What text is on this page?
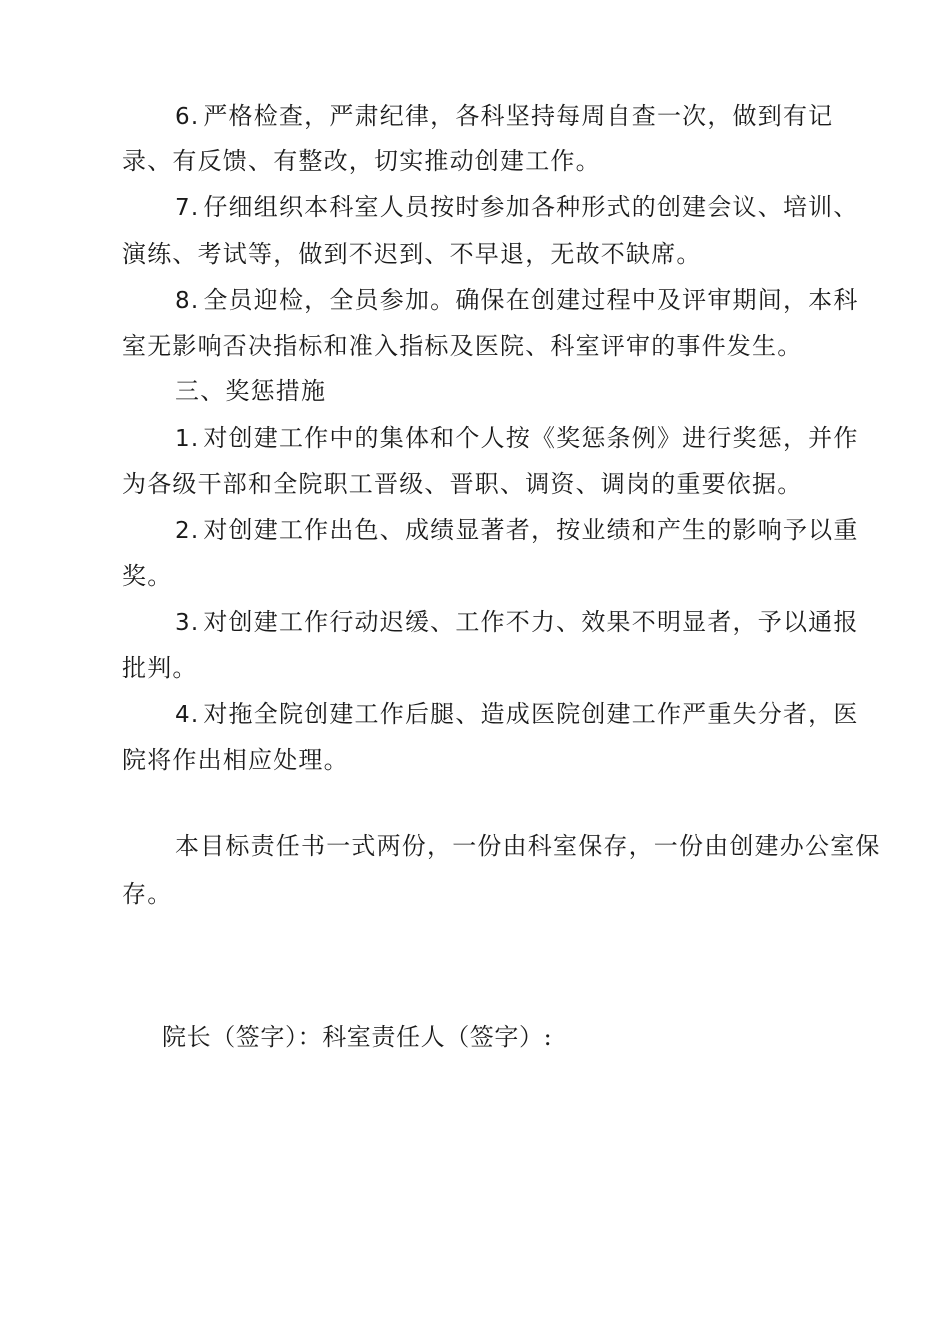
6. 严格检查，严肃纪律，各科坚持每周自查一次，做到有记
录、有反馈、有整改，切实推动创建工作。
7. 仔细组织本科室人员按时参加各种形式的创建会议、培训、
演练、考试等，做到不迟到、不早退，无故不缺席。
8. 全员迎检，全员参加。确保在创建过程中及评审期间，本科
室无影响否决指标和准入指标及医院、科室评审的事件发生。
三、奖惩措施
1. 对创建工作中的集体和个人按《奖惩条例》进行奖惩，并作
为各级干部和全院职工晋级、晋职、调资、调岗的重要依据。
2. 对创建工作出色、成绩显著者，按业绩和产生的影响予以重
奖。
3. 对创建工作行动迟缓、工作不力、效果不明显者，予以通报
批判。
4. 对拖全院创建工作后腿、造成医院创建工作严重失分者，医
院将作出相应处理。
本目标责任书一式两份，一份由科室保存，一份由创建办公室保
存。
院长（签字）：科室责任人（签字）:
